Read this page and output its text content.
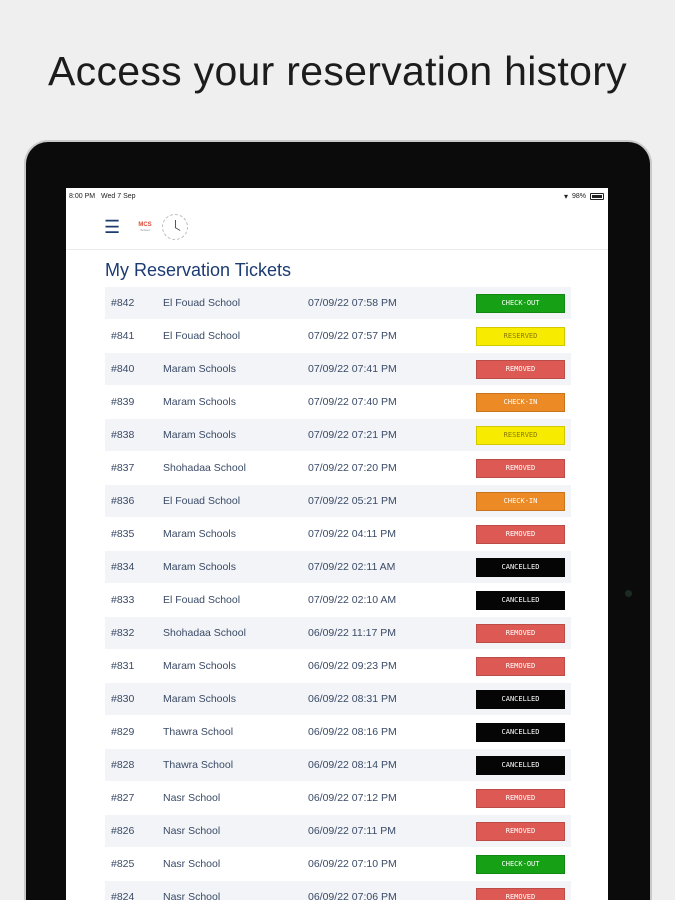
Access your reservation history
8:00 PM Wed 7 Sep	▾ 98%
☰	MCS
School
My Reservation Tickets
#842	El Fouad School	07/09/22 07:58 PM	CHECK-OUT
#841	El Fouad School	07/09/22 07:57 PM	RESERVED
#840	Maram Schools	07/09/22 07:41 PM	REMOVED
#839	Maram Schools	07/09/22 07:40 PM	CHECK-IN
#838	Maram Schools	07/09/22 07:21 PM	RESERVED
#837	Shohadaa School	07/09/22 07:20 PM	REMOVED
#836	El Fouad School	07/09/22 05:21 PM	CHECK-IN
#835	Maram Schools	07/09/22 04:11 PM	REMOVED
#834	Maram Schools	07/09/22 02:11 AM	CANCELLED
#833	El Fouad School	07/09/22 02:10 AM	CANCELLED
#832	Shohadaa School	06/09/22 11:17 PM	REMOVED
#831	Maram Schools	06/09/22 09:23 PM	REMOVED
#830	Maram Schools	06/09/22 08:31 PM	CANCELLED
#829	Thawra School	06/09/22 08:16 PM	CANCELLED
#828	Thawra School	06/09/22 08:14 PM	CANCELLED
#827	Nasr School	06/09/22 07:12 PM	REMOVED
#826	Nasr School	06/09/22 07:11 PM	REMOVED
#825	Nasr School	06/09/22 07:10 PM	CHECK-OUT
#824	Nasr School	06/09/22 07:06 PM	REMOVED
